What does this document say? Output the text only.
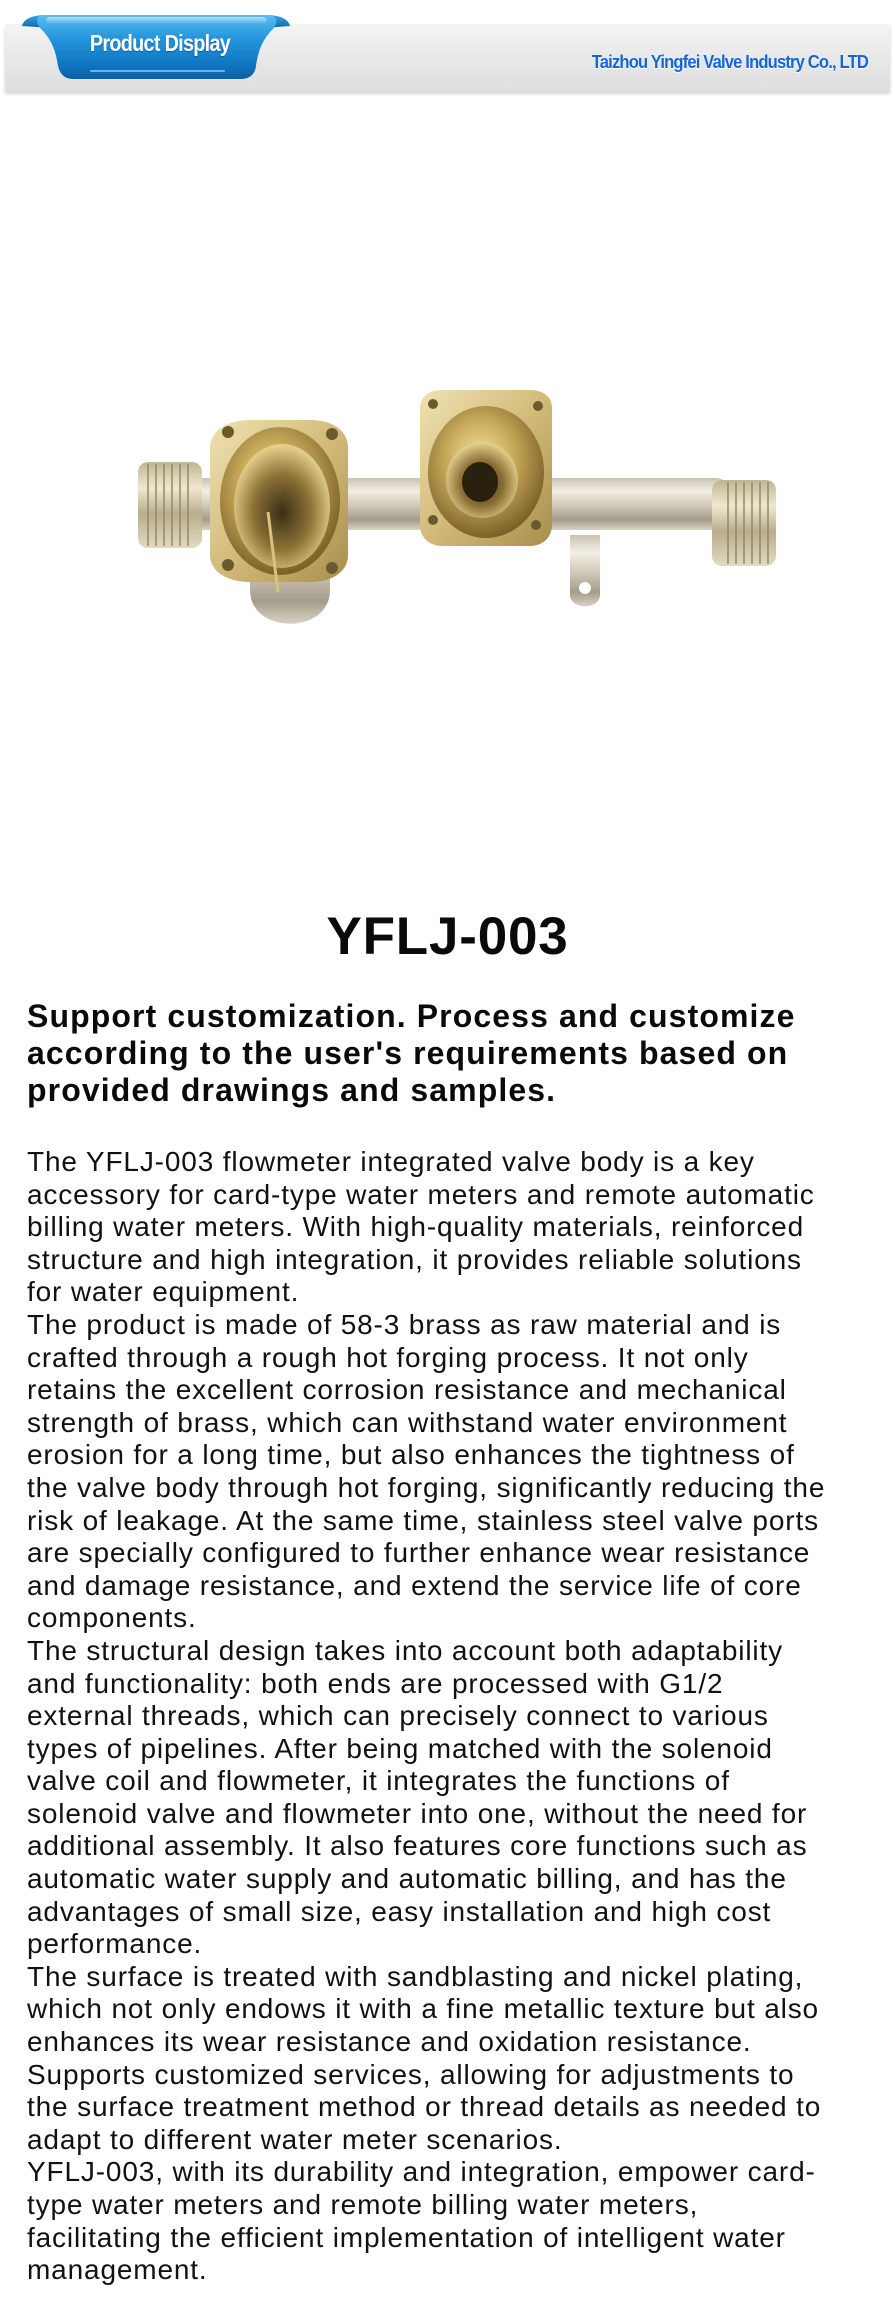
Product Display
Taizhou Yingfei Valve Industry Co., LTD
YFLJ-003
Support customization. Process and customize
according to the user's requirements based on
provided drawings and samples.
The YFLJ-003 flowmeter integrated valve body is a key
accessory for card-type water meters and remote automatic
billing water meters. With high-quality materials, reinforced
structure and high integration, it provides reliable solutions
for water equipment.
The product is made of 58-3 brass as raw material and is
crafted through a rough hot forging process. It not only
retains the excellent corrosion resistance and mechanical
strength of brass, which can withstand water environment
erosion for a long time, but also enhances the tightness of
the valve body through hot forging, significantly reducing the
risk of leakage. At the same time, stainless steel valve ports
are specially configured to further enhance wear resistance
and damage resistance, and extend the service life of core
components.
The structural design takes into account both adaptability
and functionality: both ends are processed with G1/2
external threads, which can precisely connect to various
types of pipelines. After being matched with the solenoid
valve coil and flowmeter, it integrates the functions of
solenoid valve and flowmeter into one, without the need for
additional assembly. It also features core functions such as
automatic water supply and automatic billing, and has the
advantages of small size, easy installation and high cost
performance.
The surface is treated with sandblasting and nickel plating,
which not only endows it with a fine metallic texture but also
enhances its wear resistance and oxidation resistance.
Supports customized services, allowing for adjustments to
the surface treatment method or thread details as needed to
adapt to different water meter scenarios.
YFLJ-003, with its durability and integration, empower card-
type water meters and remote billing water meters,
facilitating the efficient implementation of intelligent water
management.
